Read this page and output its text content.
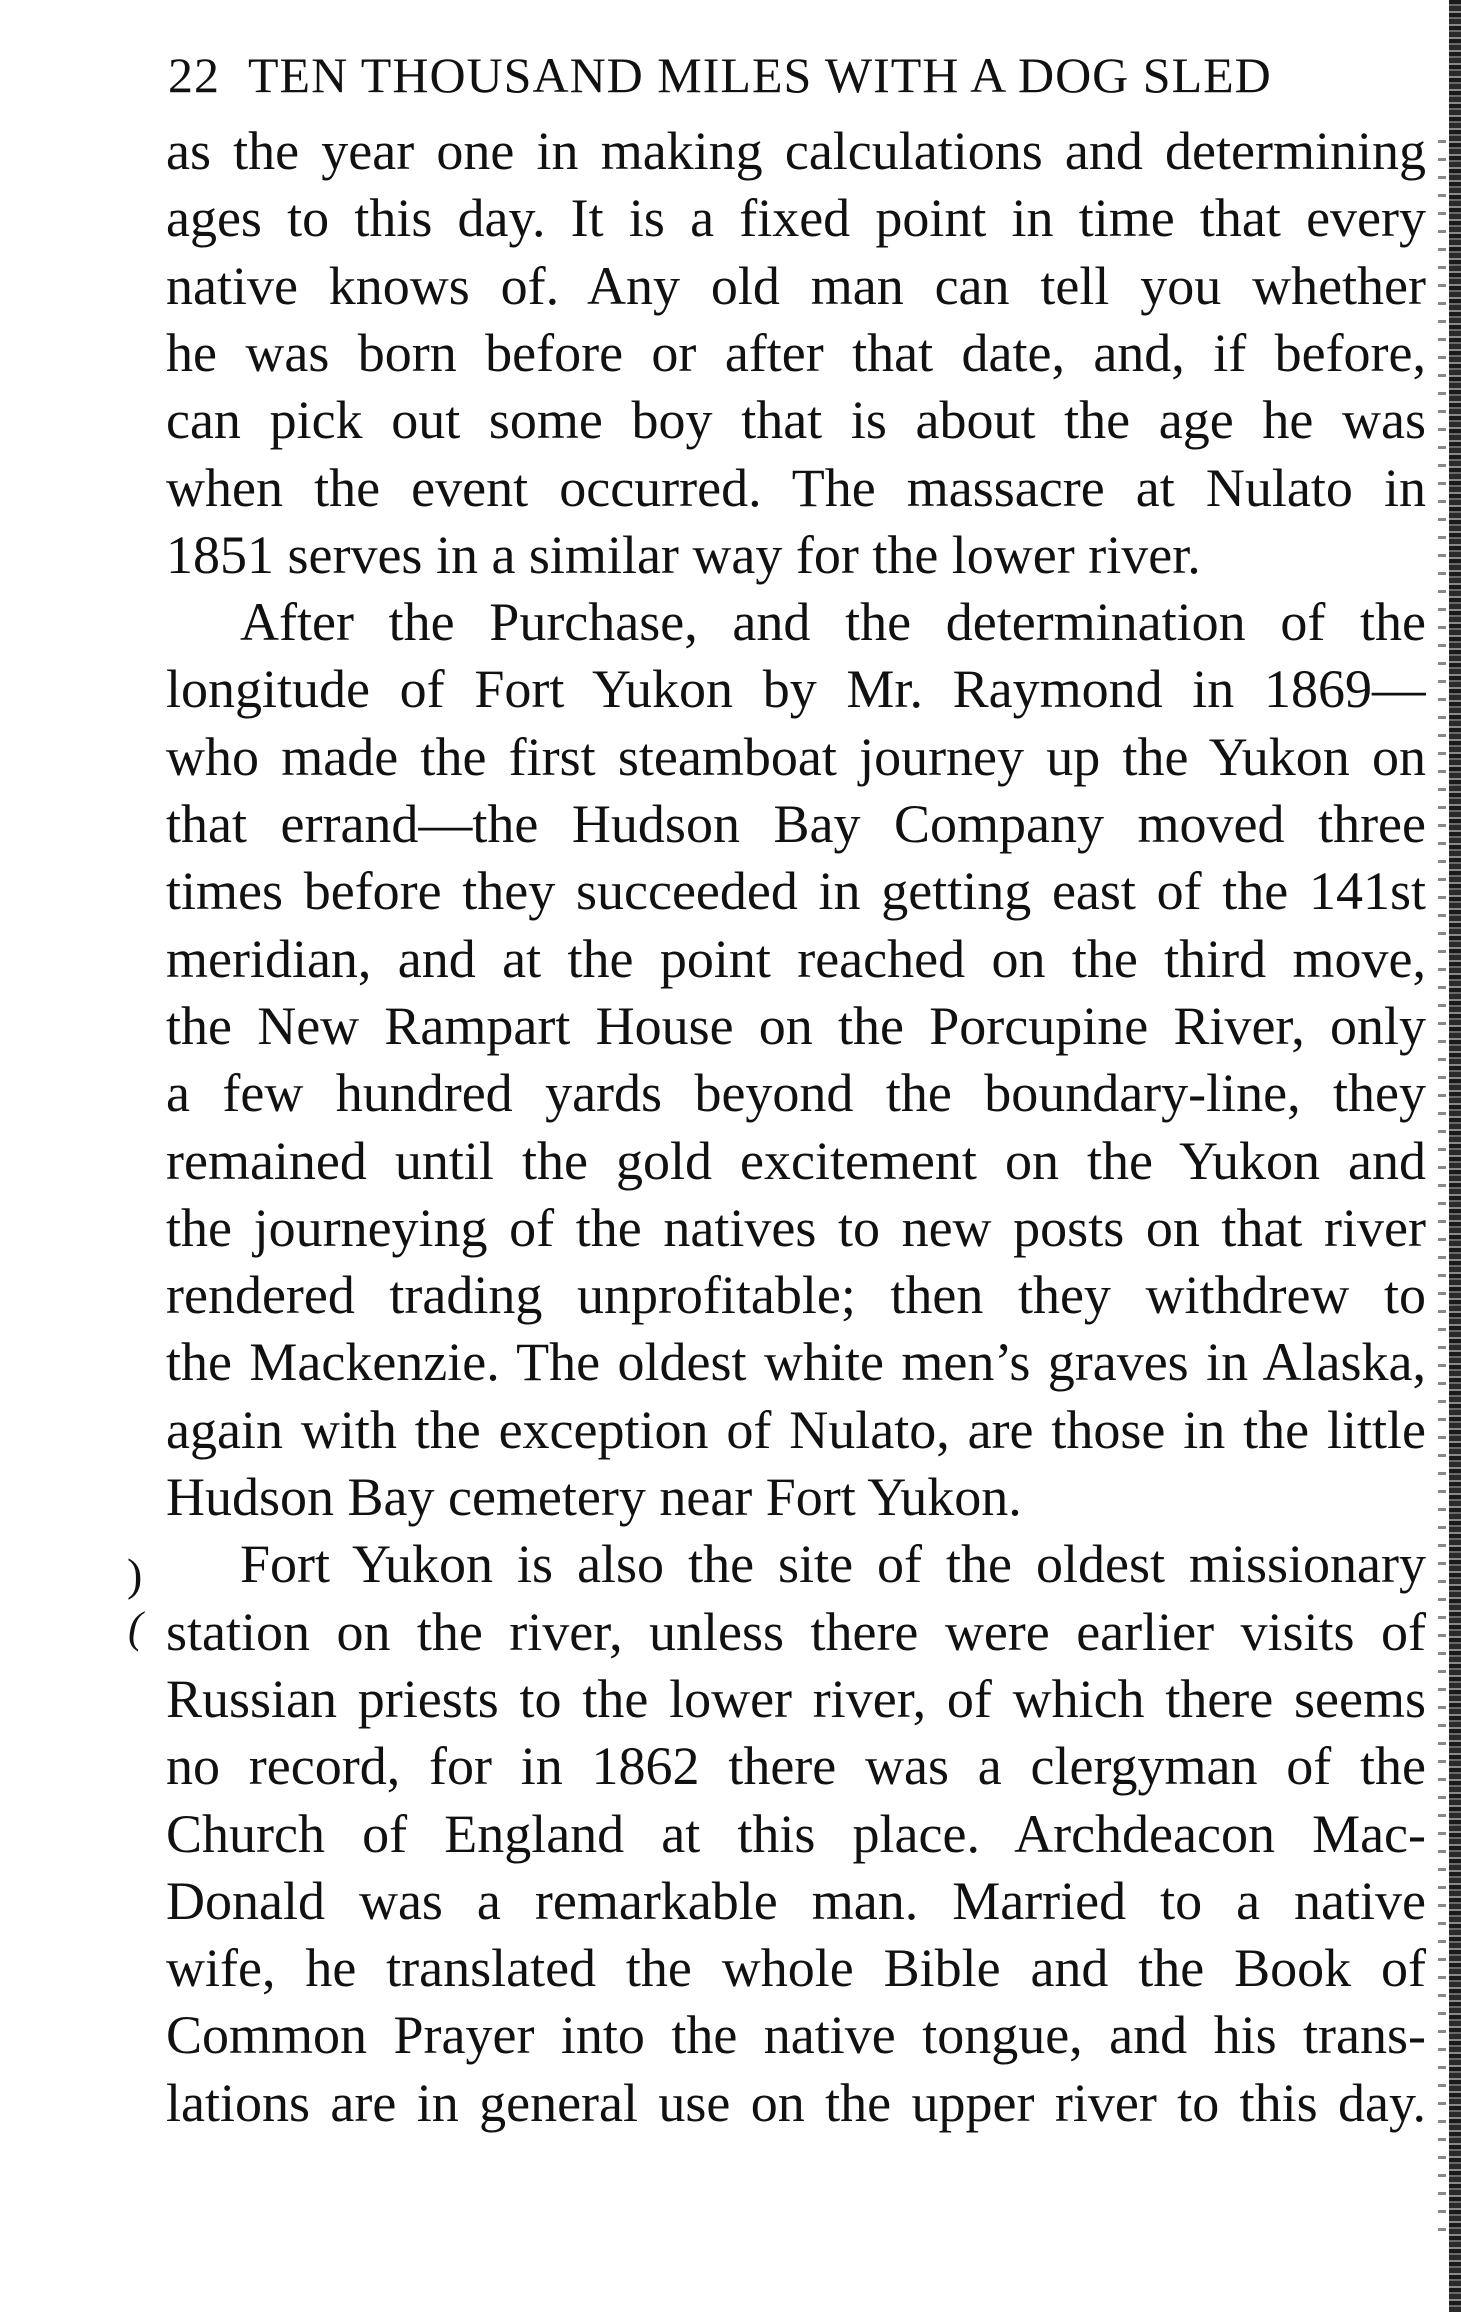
22 TEN THOUSAND MILES WITH A DOG SLED
as the year one in making calculations and determining
ages to this day. It is a fixed point in time that every
native knows of. Any old man can tell you whether
he was born before or after that date, and, if before,
can pick out some boy that is about the age he was
when the event occurred. The massacre at Nulato in
1851 serves in a similar way for the lower river.
After the Purchase, and the determination of the
longitude of Fort Yukon by Mr. Raymond in 1869—
who made the first steamboat journey up the Yukon on
that errand—the Hudson Bay Company moved three
times before they succeeded in getting east of the 141st
meridian, and at the point reached on the third move,
the New Rampart House on the Porcupine River, only
a few hundred yards beyond the boundary-line, they
remained until the gold excitement on the Yukon and
the journeying of the natives to new posts on that river
rendered trading unprofitable; then they withdrew to
the Mackenzie. The oldest white men’s graves in Alaska,
again with the exception of Nulato, are those in the little
Hudson Bay cemetery near Fort Yukon.
Fort Yukon is also the site of the oldest missionary
station on the river, unless there were earlier visits of
Russian priests to the lower river, of which there seems
no record, for in 1862 there was a clergyman of the
Church of England at this place. Archdeacon Mac-
Donald was a remarkable man. Married to a native
wife, he translated the whole Bible and the Book of
Common Prayer into the native tongue, and his trans-
lations are in general use on the upper river to this day.
)
(
